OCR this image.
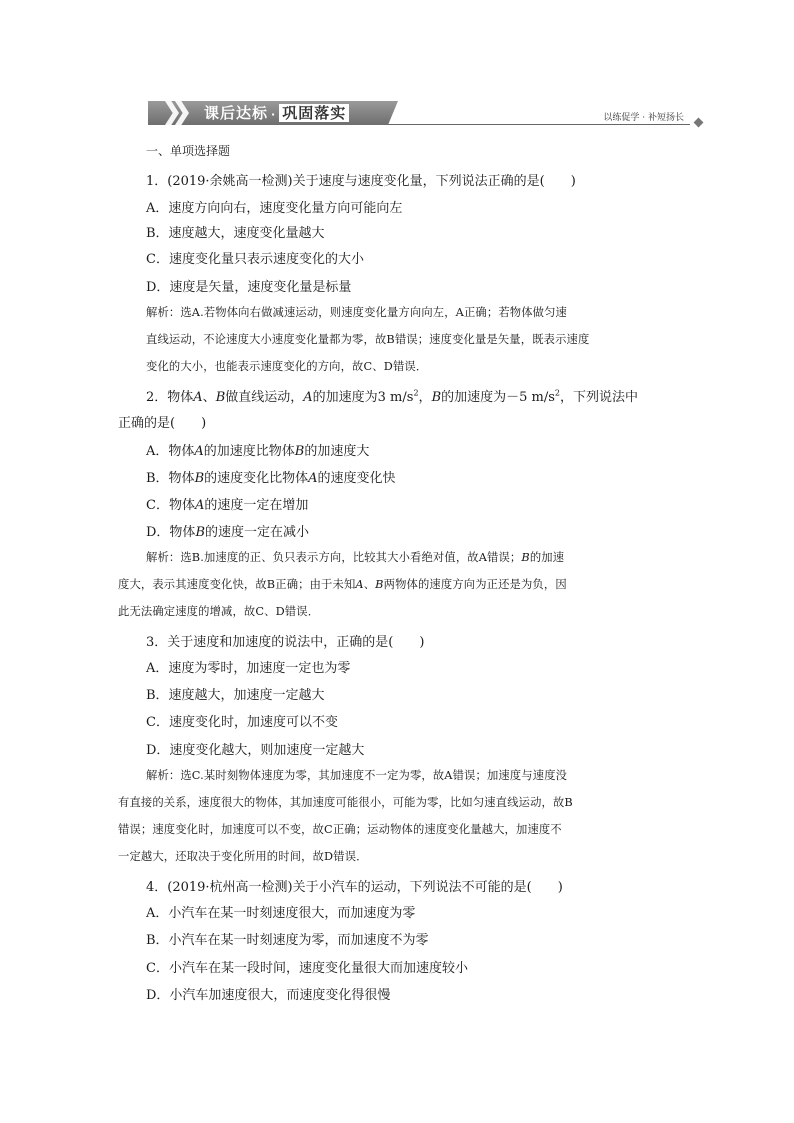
课后达标 · 巩固落实	以练促学 · 补短扬长
一、单项选择题
1．(2019·余姚高一检测)关于速度与速度变化量，下列说法正确的是(　　)
A．速度方向向右，速度变化量方向可能向左
B．速度越大，速度变化量越大
C．速度变化量只表示速度变化的大小
D．速度是矢量，速度变化量是标量
解析：选A.若物体向右做减速运动，则速度变化量方向向左，A正确；若物体做匀速
直线运动，不论速度大小速度变化量都为零，故B错误；速度变化量是矢量，既表示速度
变化的大小，也能表示速度变化的方向，故C、D错误．
2．物体A、B做直线运动，A的加速度为3 $m/s^2$，B的加速度为－5 $m/s^2$，下列说法中
正确的是(　　)
A．物体A的加速度比物体B的加速度大
B．物体B的速度变化比物体A的速度变化快
C．物体A的速度一定在增加
D．物体B的速度一定在减小
解析：选B.加速度的正、负只表示方向，比较其大小看绝对值，故A错误；B的加速
度大，表示其速度变化快，故B正确；由于未知A、B两物体的速度方向为正还是为负，因
此无法确定速度的增减，故C、D错误．
3．关于速度和加速度的说法中，正确的是(　　)
A．速度为零时，加速度一定也为零
B．速度越大，加速度一定越大
C．速度变化时，加速度可以不变
D．速度变化越大，则加速度一定越大
解析：选C.某时刻物体速度为零，其加速度不一定为零，故A错误；加速度与速度没
有直接的关系，速度很大的物体，其加速度可能很小，可能为零，比如匀速直线运动，故B
错误；速度变化时，加速度可以不变，故C正确；运动物体的速度变化量越大，加速度不
一定越大，还取决于变化所用的时间，故D错误．
4．(2019·杭州高一检测)关于小汽车的运动，下列说法不可能的是(　　)
A．小汽车在某一时刻速度很大，而加速度为零
B．小汽车在某一时刻速度为零，而加速度不为零
C．小汽车在某一段时间，速度变化量很大而加速度较小
D．小汽车加速度很大，而速度变化得很慢
